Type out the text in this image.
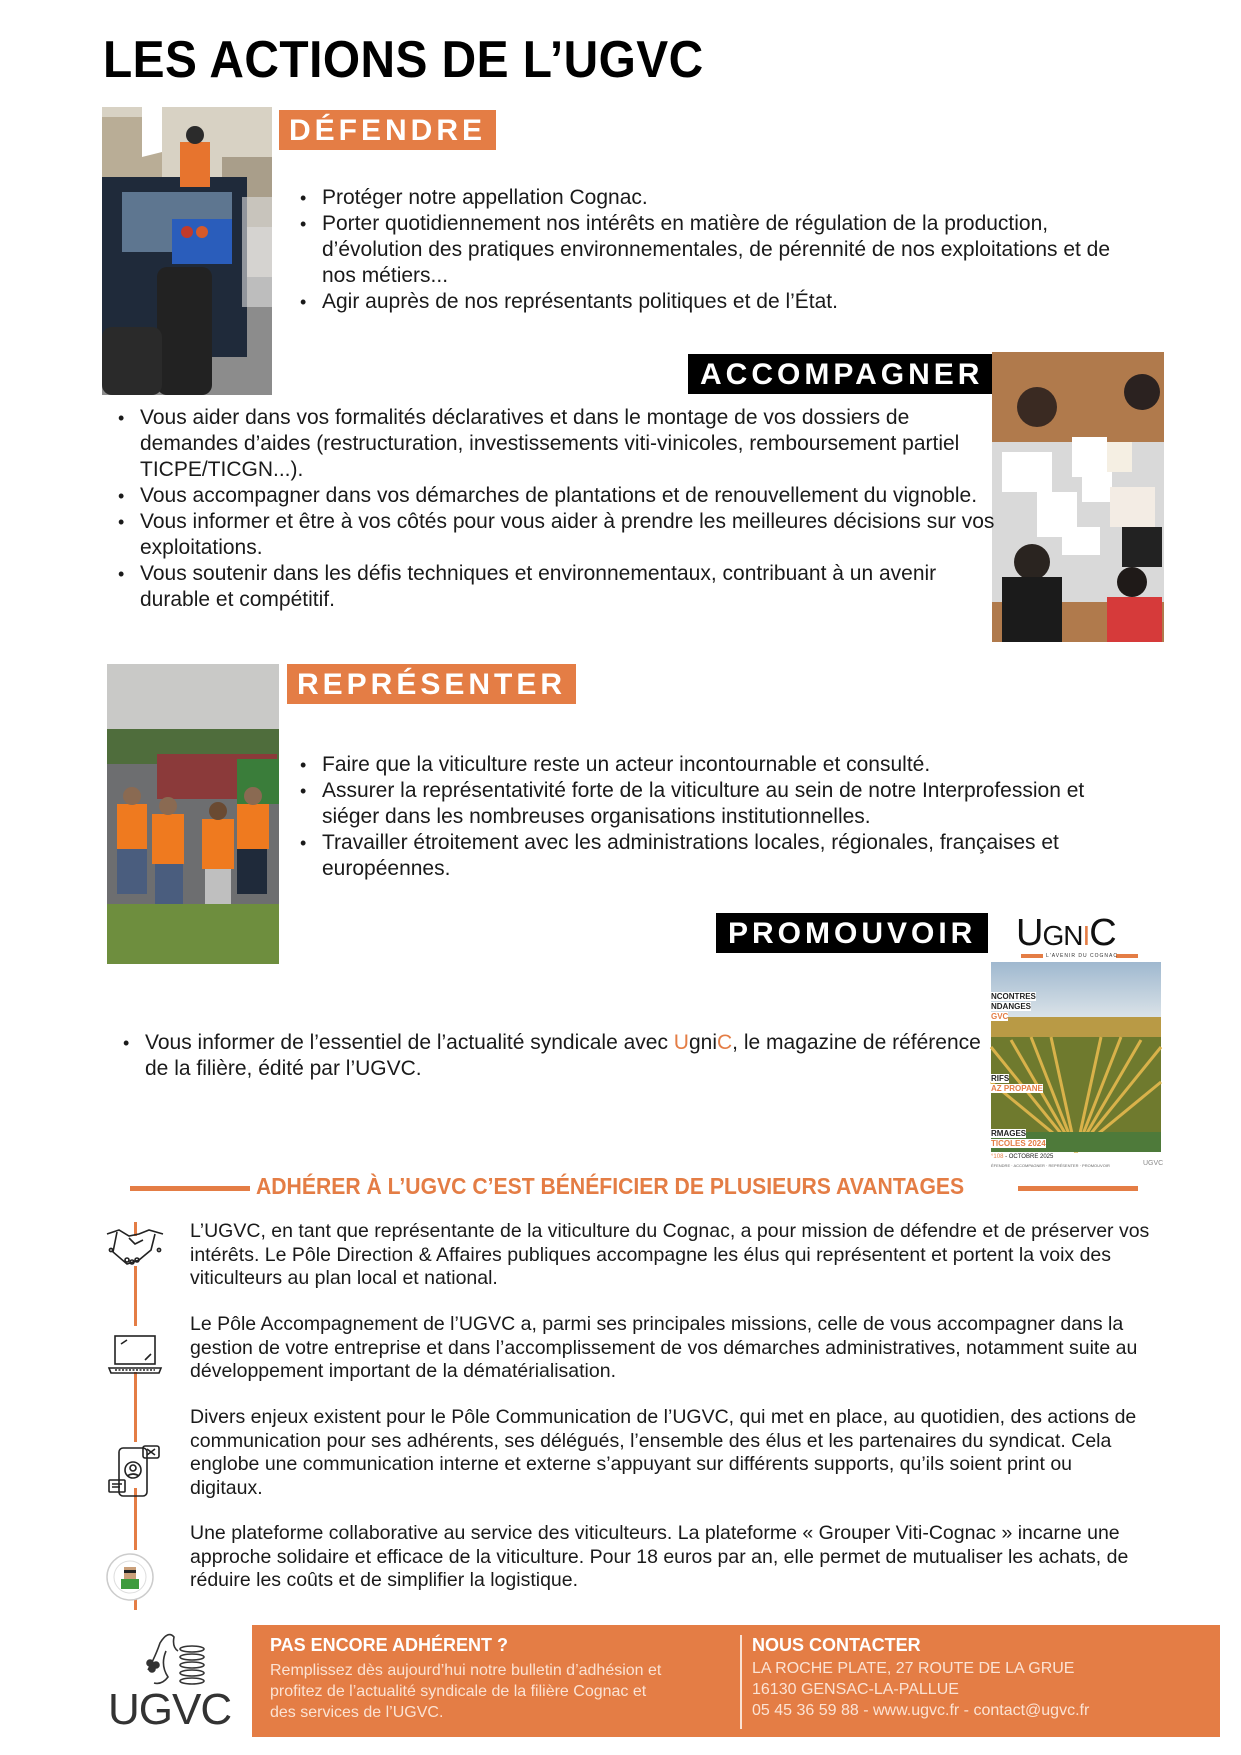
LES ACTIONS DE L’UGVC
DÉFENDRE
• Protéger notre appellation Cognac.
• Porter quotidiennement nos intérêts en matière de régulation de la production, d’évolution des pratiques environnementales, de pérennité de nos exploitations et de nos métiers...
• Agir auprès de nos représentants politiques et de l’État.
ACCOMPAGNER
• Vous aider dans vos formalités déclaratives et dans le montage de vos dossiers de demandes d’aides (restructuration, investissements viti-vinicoles, remboursement partiel TICPE/TICGN...).
• Vous accompagner dans vos démarches de plantations et de renouvellement du vignoble.
• Vous informer et être à vos côtés pour vous aider à prendre les meilleures décisions sur vos exploitations.
• Vous soutenir dans les défis techniques et environnementaux, contribuant à un avenir durable et compétitif.
REPRÉSENTER
• Faire que la viticulture reste un acteur incontournable et consulté.
• Assurer la représentativité forte de la viticulture au sein de notre Interprofession et siéger dans les nombreuses organisations institutionnelles.
• Travailler étroitement avec les administrations locales, régionales, françaises et européennes.
PROMOUVOIR	UGNIC
L'AVENIR DU COGNAC
NCONTRES
NDANGES
GVC
RIFS
AZ PROPANE
RMAGES
TICOLES 2024
°108 - OCTOBRE 2025
ÉFENDRE · ACCOMPAGNER · REPRÉSENTER · PROMOUVOIR	UGVC
• Vous informer de l’essentiel de l’actualité syndicale avec UgniC, le magazine de référence de la filière, édité par l’UGVC.
ADHÉRER À L’UGVC C’EST BÉNÉFICIER DE PLUSIEURS AVANTAGES
L’UGVC, en tant que représentante de la viticulture du Cognac, a pour mission de défendre et de préserver vos intérêts. Le Pôle Direction & Affaires publiques accompagne les élus qui représentent et portent la voix des viticulteurs au plan local et national.
Le Pôle Accompagnement de l’UGVC a, parmi ses principales missions, celle de vous accompagner dans la gestion de votre entreprise et dans l’accomplissement de vos démarches administratives, notamment suite au développement important de la dématérialisation.
Divers enjeux existent pour le Pôle Communication de l’UGVC, qui met en place, au quotidien, des actions de communication pour ses adhérents, ses délégués, l’ensemble des élus et les partenaires du syndicat. Cela englobe une communication interne et externe s’appuyant sur différents supports, qu’ils soient print ou digitaux.
Une plateforme collaborative au service des viticulteurs. La plateforme « Grouper Viti-Cognac » incarne une approche solidaire et efficace de la viticulture. Pour 18 euros par an, elle permet de mutualiser les achats, de réduire les coûts et de simplifier la logistique.
UGVC
PAS ENCORE ADHÉRENT ?
Remplissez dès aujourd’hui notre bulletin d’adhésion et
profitez de l’actualité syndicale de la filière Cognac et
des services de l’UGVC.
NOUS CONTACTER
LA ROCHE PLATE, 27 ROUTE DE LA GRUE
16130 GENSAC-LA-PALLUE
05 45 36 59 88 - www.ugvc.fr - contact@ugvc.fr
